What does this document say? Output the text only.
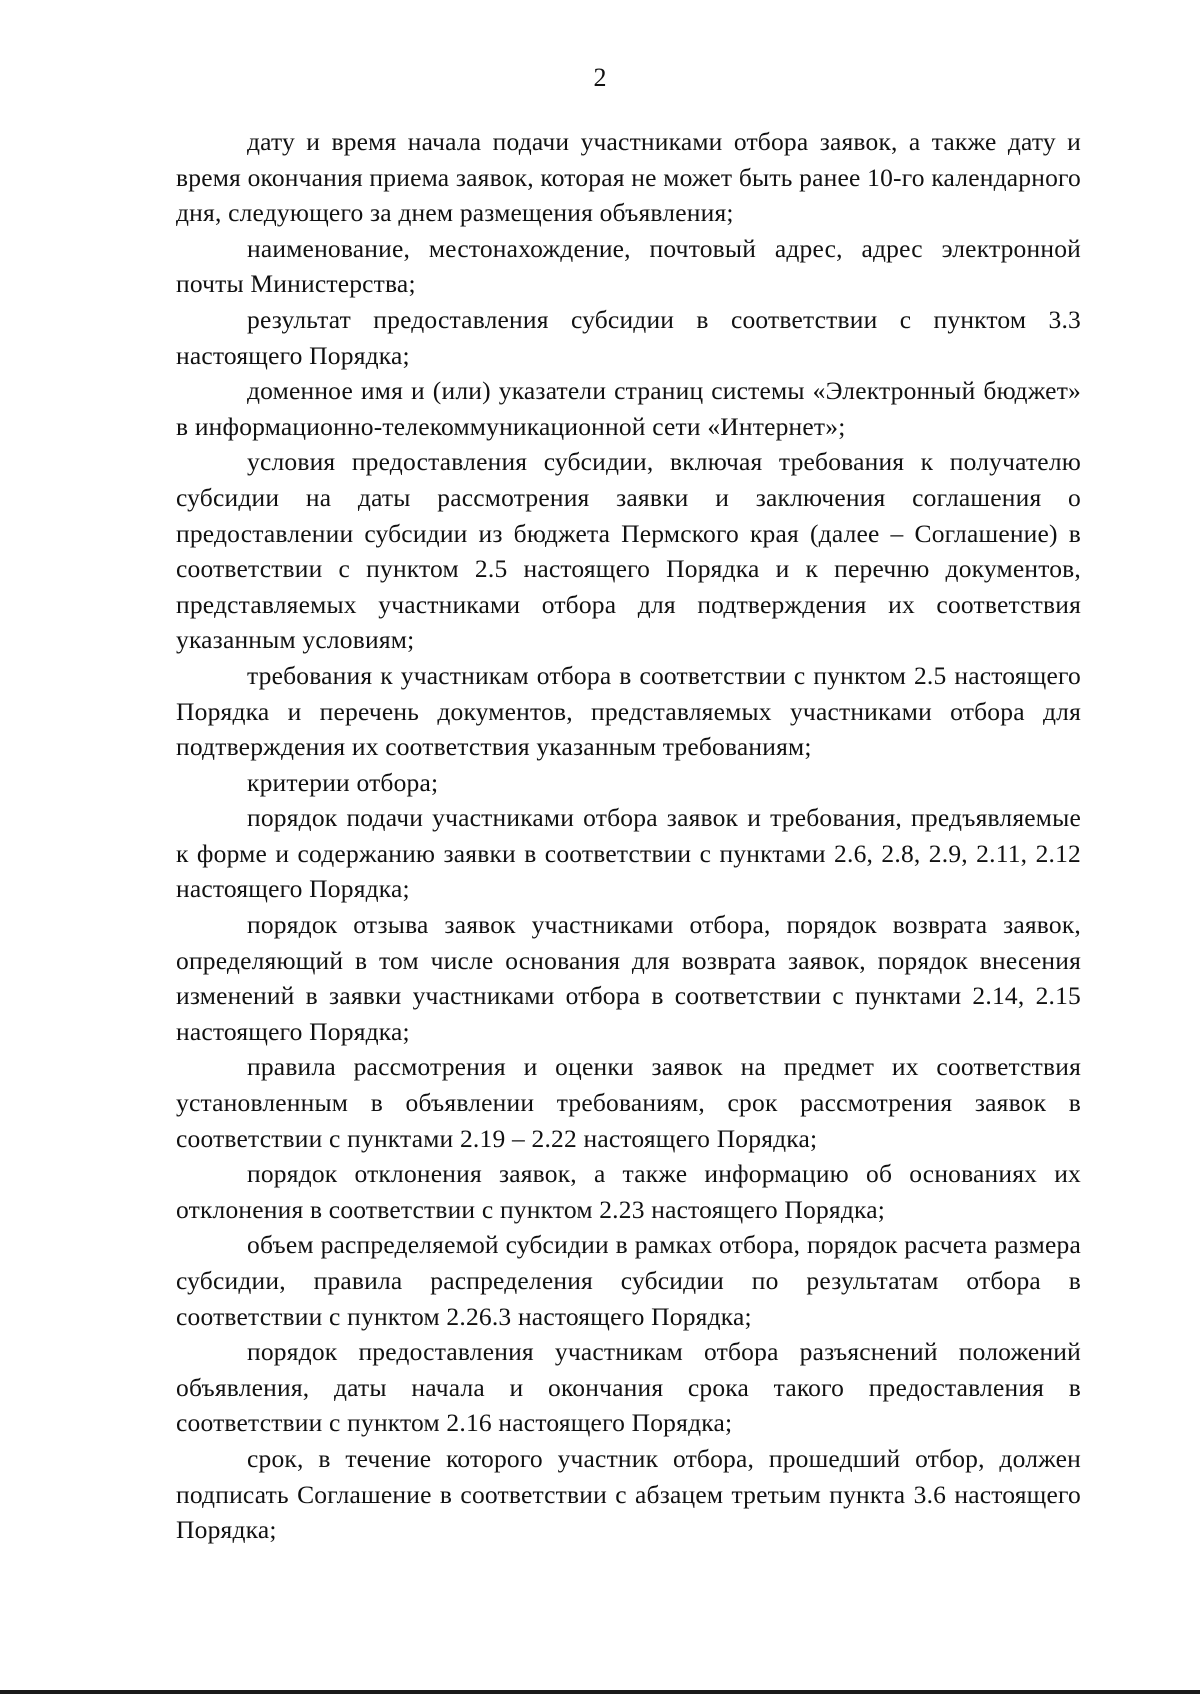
2

дату и время начала подачи участниками отбора заявок, а также дату и время окончания приема заявок, которая не может быть ранее 10-го календарного дня, следующего за днем размещения объявления;

наименование, местонахождение, почтовый адрес, адрес электронной почты Министерства;

результат предоставления субсидии в соответствии с пунктом 3.3 настоящего Порядка;

доменное имя и (или) указатели страниц системы «Электронный бюджет» в информационно-телекоммуникационной сети «Интернет»;

условия предоставления субсидии, включая требования к получателю субсидии на даты рассмотрения заявки и заключения соглашения о предоставлении субсидии из бюджета Пермского края (далее – Соглашение) в соответствии с пунктом 2.5 настоящего Порядка и к перечню документов, представляемых участниками отбора для подтверждения их соответствия указанным условиям;

требования к участникам отбора в соответствии с пунктом 2.5 настоящего Порядка и перечень документов, представляемых участниками отбора для подтверждения их соответствия указанным требованиям;

критерии отбора;

порядок подачи участниками отбора заявок и требования, предъявляемые к форме и содержанию заявки в соответствии с пунктами 2.6, 2.8, 2.9, 2.11, 2.12 настоящего Порядка;

порядок отзыва заявок участниками отбора, порядок возврата заявок, определяющий в том числе основания для возврата заявок, порядок внесения изменений в заявки участниками отбора в соответствии с пунктами 2.14, 2.15 настоящего Порядка;

правила рассмотрения и оценки заявок на предмет их соответствия установленным в объявлении требованиям, срок рассмотрения заявок в соответствии с пунктами 2.19 – 2.22 настоящего Порядка;

порядок отклонения заявок, а также информацию об основаниях их отклонения в соответствии с пунктом 2.23 настоящего Порядка;

объем распределяемой субсидии в рамках отбора, порядок расчета размера субсидии, правила распределения субсидии по результатам отбора в соответствии с пунктом 2.26.3 настоящего Порядка;

порядок предоставления участникам отбора разъяснений положений объявления, даты начала и окончания срока такого предоставления в соответствии с пунктом 2.16 настоящего Порядка;

срок, в течение которого участник отбора, прошедший отбор, должен подписать Соглашение в соответствии с абзацем третьим пункта 3.6 настоящего Порядка;
